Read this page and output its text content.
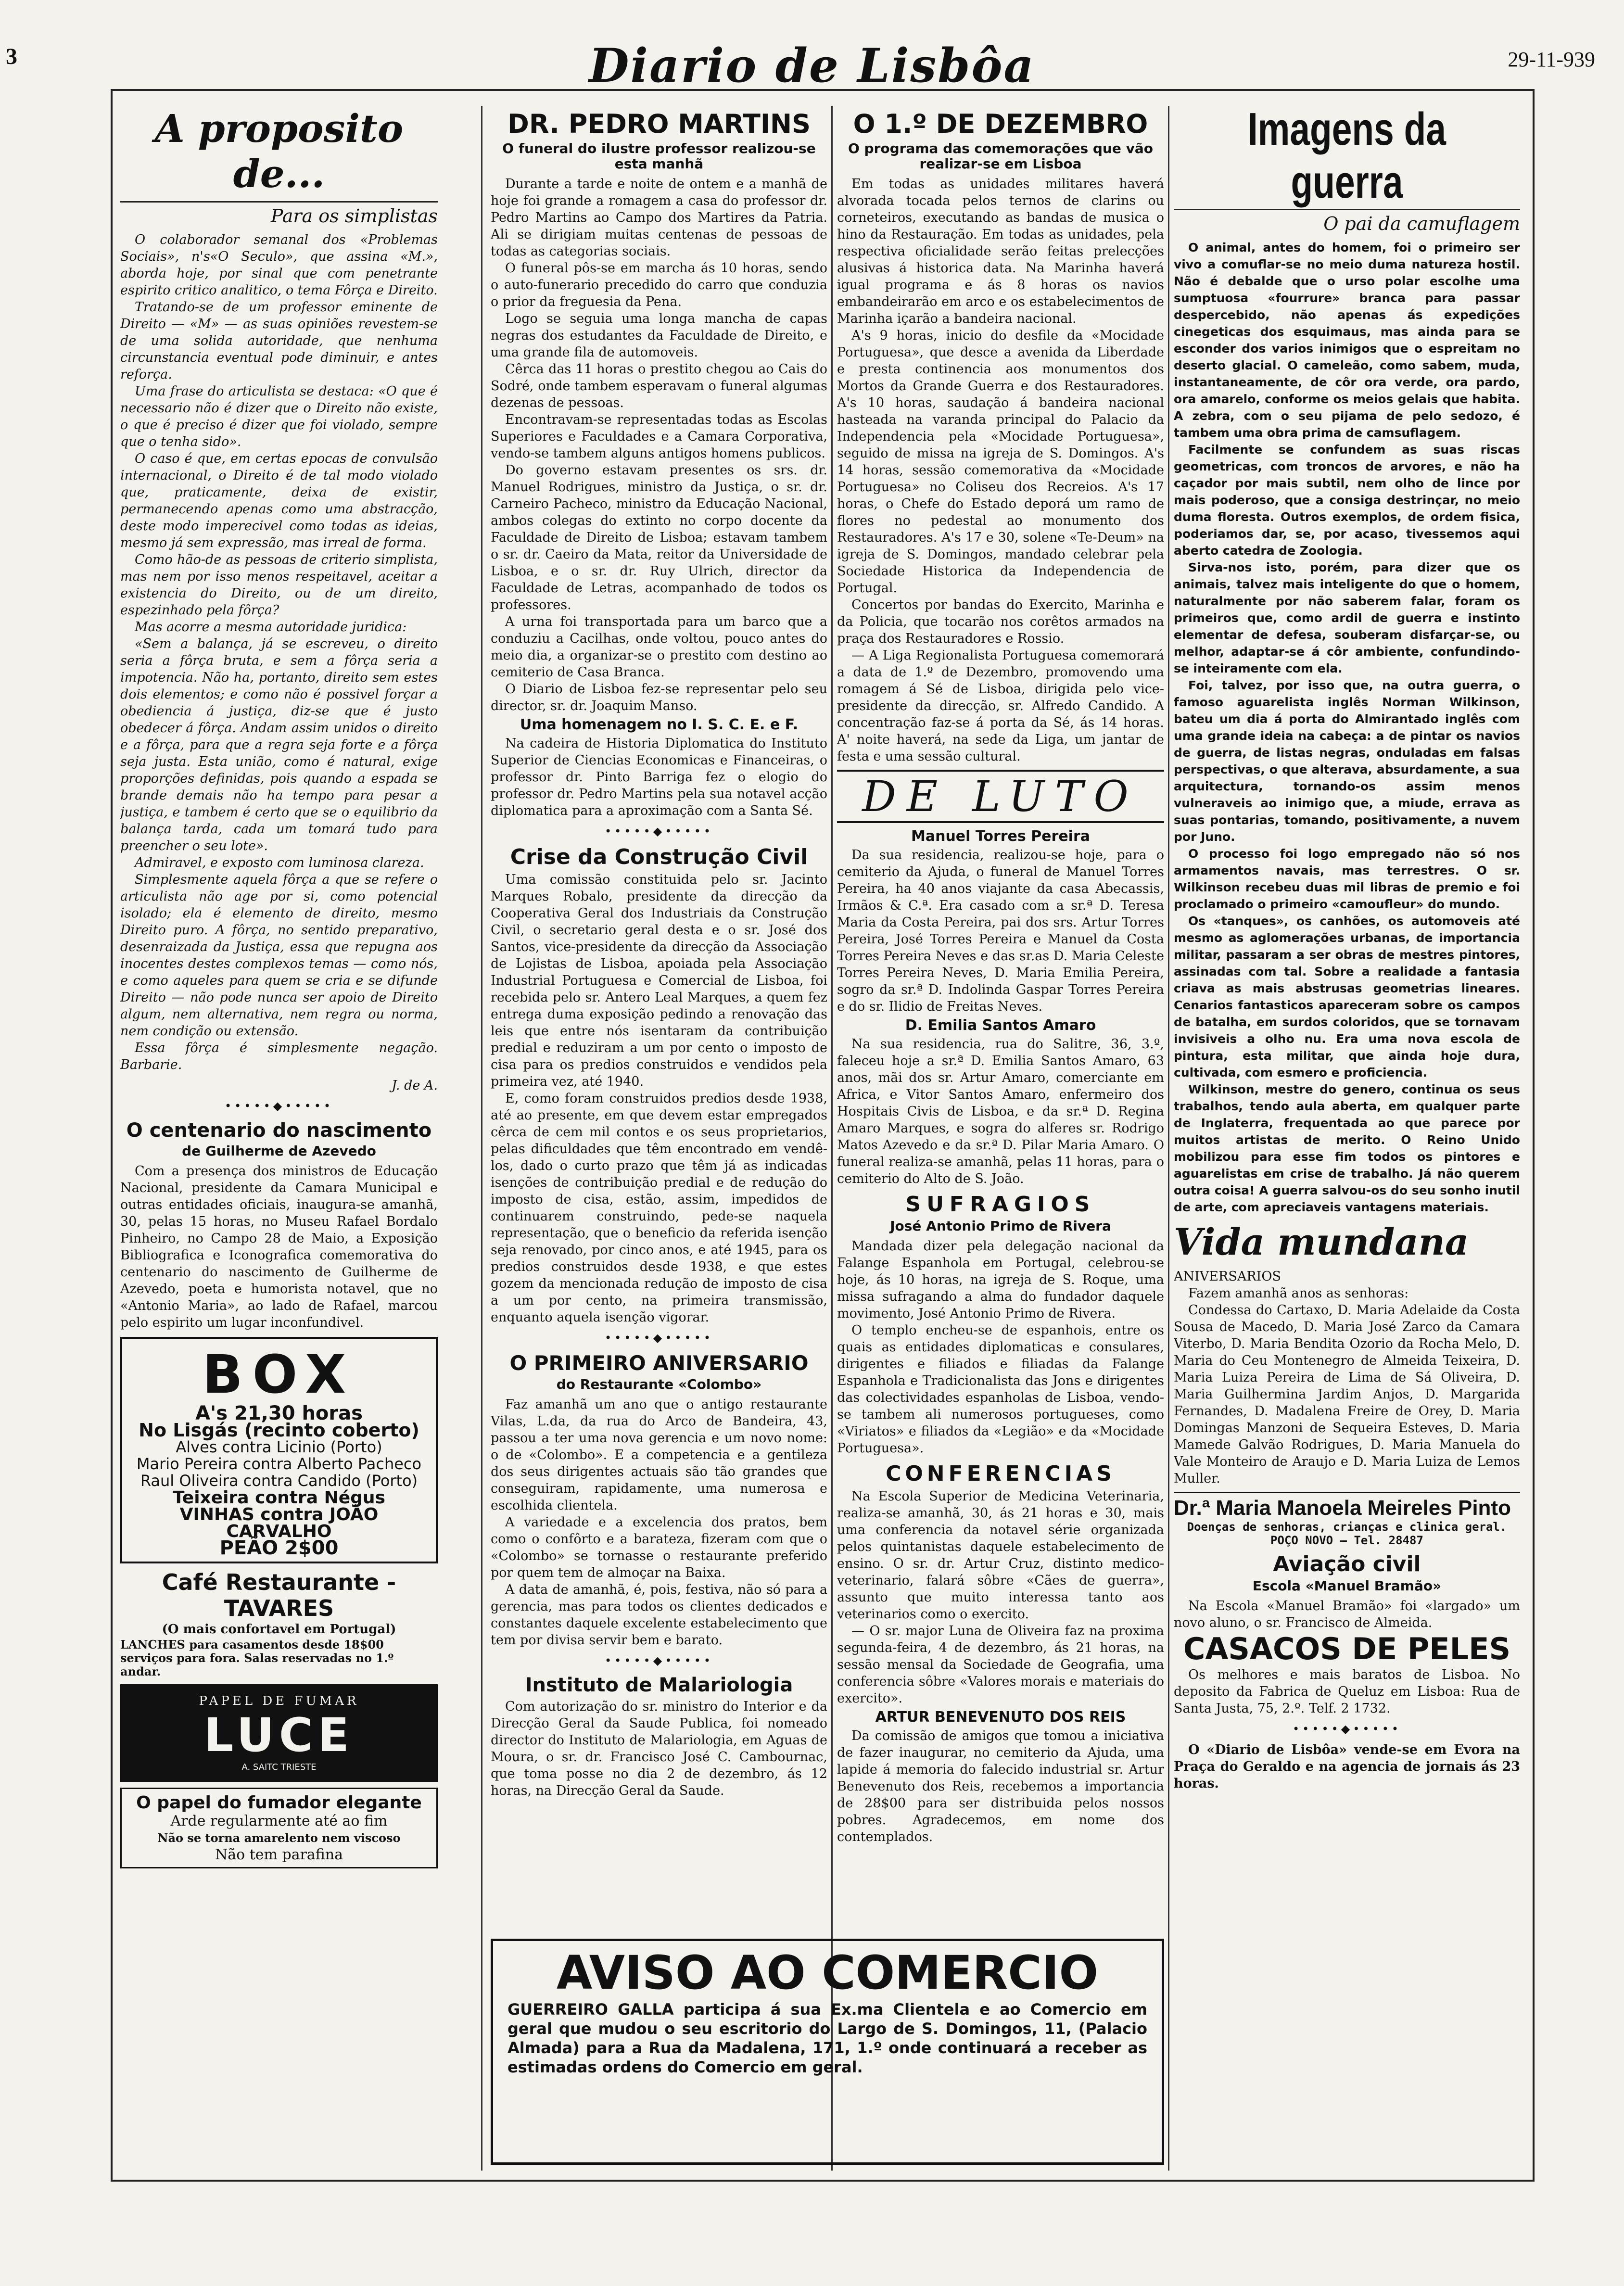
3	Diario de Lisbôa	29-11-939
A proposito de...
Para os simplistas

O colaborador semanal dos «Problemas Sociais», n's«O Seculo», que assina «M.», aborda hoje, por sinal que com penetrante espirito critico analitico, o tema Fôrça e Direito.

Tratando-se de um professor eminente de Direito — «M» — as suas opiniões revestem-se de uma solida autoridade, que nenhuma circunstancia eventual pode diminuir, e antes reforça.

Uma frase do articulista se destaca: «O que é necessario não é dizer que o Direito não existe, o que é preciso é dizer que foi violado, sempre que o tenha sido».

O caso é que, em certas epocas de convulsão internacional, o Direito é de tal modo violado que, praticamente, deixa de existir, permanecendo apenas como uma abstracção, deste modo imperecivel como todas as ideias, mesmo já sem expressão, mas irreal de forma.

Como hão-de as pessoas de criterio simplista, mas nem por isso menos respeitavel, aceitar a existencia do Direito, ou de um direito, espezinhado pela fôrça?

Mas acorre a mesma autoridade juridica:

«Sem a balança, já se escreveu, o direito seria a fôrça bruta, e sem a fôrça seria a impotencia. Não ha, portanto, direito sem estes dois elementos; e como não é possivel forçar a obediencia á justiça, diz-se que é justo obedecer á fôrça. Andam assim unidos o direito e a fôrça, para que a regra seja forte e a fôrça seja justa. Esta união, como é natural, exige proporções definidas, pois quando a espada se brande demais não ha tempo para pesar a justiça, e tambem é certo que se o equilibrio da balança tarda, cada um tomará tudo para preencher o seu lote».

Admiravel, e exposto com luminosa clareza.

Simplesmente aquela fôrça a que se refere o articulista não age por si, como potencial isolado; ela é elemento de direito, mesmo Direito puro. A fôrça, no sentido preparativo, desenraizada da Justiça, essa que repugna aos inocentes destes complexos temas — como nós, e como aqueles para quem se cria e se difunde Direito — não pode nunca ser apoio de Direito algum, nem alternativa, nem regra ou norma, nem condição ou extensão.

Essa fôrça é simplesmente negação. Barbarie.

J. de A.
•••••◆•••••
O centenario do nascimento
de Guilherme de Azevedo

Com a presença dos ministros de Educação Nacional, presidente da Camara Municipal e outras entidades oficiais, inaugura-se amanhã, 30, pelas 15 horas, no Museu Rafael Bordalo Pinheiro, no Campo 28 de Maio, a Exposição Bibliografica e Iconografica comemorativa do centenario do nascimento de Guilherme de Azevedo, poeta e humorista notavel, que no «Antonio Maria», ao lado de Rafael, marcou pelo espirito um lugar inconfundivel.

BOX
A's 21,30 horas
No Lisgás (recinto coberto)
Alves contra Licinio (Porto)
Mario Pereira contra Alberto Pacheco
Raul Oliveira contra Candido (Porto)
Teixeira contra Négus
VINHAS contra JOÃO CARVALHO
PEÃO 2$00
Café Restaurante - TAVARES
(O mais confortavel em Portugal)
LANCHES para casamentos desde 18$00 serviços para fora. Salas reservadas no 1.º andar.
PAPEL DE FUMAR
LUCE
A. SAITC TRIESTE
O papel do fumador elegante
Arde regularmente até ao fim
Não se torna amarelento nem viscoso
Não tem parafina
DR. PEDRO MARTINS
O funeral do ilustre professor realizou-se esta manhã

Durante a tarde e noite de ontem e a manhã de hoje foi grande a romagem a casa do professor dr. Pedro Martins ao Campo dos Martires da Patria. Ali se dirigiam muitas centenas de pessoas de todas as categorias sociais.

O funeral pôs-se em marcha ás 10 horas, sendo o auto-funerario precedido do carro que conduzia o prior da freguesia da Pena.

Logo se seguia uma longa mancha de capas negras dos estudantes da Faculdade de Direito, e uma grande fila de automoveis.

Cêrca das 11 horas o prestito chegou ao Cais do Sodré, onde tambem esperavam o funeral algumas dezenas de pessoas.

Encontravam-se representadas todas as Escolas Superiores e Faculdades e a Camara Corporativa, vendo-se tambem alguns antigos homens publicos.

Do governo estavam presentes os srs. dr. Manuel Rodrigues, ministro da Justiça, o sr. dr. Carneiro Pacheco, ministro da Educação Nacional, ambos colegas do extinto no corpo docente da Faculdade de Direito de Lisboa; estavam tambem o sr. dr. Caeiro da Mata, reitor da Universidade de Lisboa, e o sr. dr. Ruy Ulrich, director da Faculdade de Letras, acompanhado de todos os professores.

A urna foi transportada para um barco que a conduziu a Cacilhas, onde voltou, pouco antes do meio dia, a organizar-se o prestito com destino ao cemiterio de Casa Branca.

O Diario de Lisboa fez-se representar pelo seu director, sr. dr. Joaquim Manso.

Uma homenagem no I. S. C. E. e F.

Na cadeira de Historia Diplomatica do Instituto Superior de Ciencias Economicas e Financeiras, o professor dr. Pinto Barriga fez o elogio do professor dr. Pedro Martins pela sua notavel acção diplomatica para a aproximação com a Santa Sé.

•••••◆•••••
Crise da Construção Civil

Uma comissão constituida pelo sr. Jacinto Marques Robalo, presidente da direcção da Cooperativa Geral dos Industriais da Construção Civil, o secretario geral desta e o sr. José dos Santos, vice-presidente da direcção da Associação de Lojistas de Lisboa, apoiada pela Associação Industrial Portuguesa e Comercial de Lisboa, foi recebida pelo sr. Antero Leal Marques, a quem fez entrega duma exposição pedindo a renovação das leis que entre nós isentaram da contribuição predial e reduziram a um por cento o imposto de cisa para os predios construidos e vendidos pela primeira vez, até 1940.

E, como foram construidos predios desde 1938, até ao presente, em que devem estar empregados cêrca de cem mil contos e os seus proprietarios, pelas dificuldades que têm encontrado em vendê-los, dado o curto prazo que têm já as indicadas isenções de contribuição predial e de redução do imposto de cisa, estão, assim, impedidos de continuarem construindo, pede-se naquela representação, que o beneficio da referida isenção seja renovado, por cinco anos, e até 1945, para os predios construidos desde 1938, e que estes gozem da mencionada redução de imposto de cisa a um por cento, na primeira transmissão, enquanto aquela isenção vigorar.

•••••◆•••••
O PRIMEIRO ANIVERSARIO
do Restaurante «Colombo»

Faz amanhã um ano que o antigo restaurante Vilas, L.da, da rua do Arco de Bandeira, 43, passou a ter uma nova gerencia e um novo nome: o de «Colombo». E a competencia e a gentileza dos seus dirigentes actuais são tão grandes que conseguiram, rapidamente, uma numerosa e escolhida clientela.

A variedade e a excelencia dos pratos, bem como o confôrto e a barateza, fizeram com que o «Colombo» se tornasse o restaurante preferido por quem tem de almoçar na Baixa.

A data de amanhã, é, pois, festiva, não só para a gerencia, mas para todos os clientes dedicados e constantes daquele excelente estabelecimento que tem por divisa servir bem e barato.

•••••◆•••••
Instituto de Malariologia

Com autorização do sr. ministro do Interior e da Direcção Geral da Saude Publica, foi nomeado director do Instituto de Malariologia, em Aguas de Moura, o sr. dr. Francisco José C. Cambournac, que toma posse no dia 2 de dezembro, ás 12 horas, na Direcção Geral da Saude.

O 1.º DE DEZEMBRO
O programa das comemorações que vão realizar-se em Lisboa

Em todas as unidades militares haverá alvorada tocada pelos ternos de clarins ou corneteiros, executando as bandas de musica o hino da Restauração. Em todas as unidades, pela respectiva oficialidade serão feitas prelecções alusivas á historica data. Na Marinha haverá igual programa e ás 8 horas os navios embandeirarão em arco e os estabelecimentos de Marinha içarão a bandeira nacional.

A's 9 horas, inicio do desfile da «Mocidade Portuguesa», que desce a avenida da Liberdade e presta continencia aos monumentos dos Mortos da Grande Guerra e dos Restauradores. A's 10 horas, saudação á bandeira nacional hasteada na varanda principal do Palacio da Independencia pela «Mocidade Portuguesa», seguido de missa na igreja de S. Domingos. A's 14 horas, sessão comemorativa da «Mocidade Portuguesa» no Coliseu dos Recreios. A's 17 horas, o Chefe do Estado deporá um ramo de flores no pedestal ao monumento dos Restauradores. A's 17 e 30, solene «Te-Deum» na igreja de S. Domingos, mandado celebrar pela Sociedade Historica da Independencia de Portugal.

Concertos por bandas do Exercito, Marinha e da Policia, que tocarão nos corêtos armados na praça dos Restauradores e Rossio.

— A Liga Regionalista Portuguesa comemorará a data de 1.º de Dezembro, promovendo uma romagem á Sé de Lisboa, dirigida pelo vice-presidente da direcção, sr. Alfredo Candido. A concentração faz-se á porta da Sé, ás 14 horas. A' noite haverá, na sede da Liga, um jantar de festa e uma sessão cultural.

DE LUTO
Manuel Torres Pereira

Da sua residencia, realizou-se hoje, para o cemiterio da Ajuda, o funeral de Manuel Torres Pereira, ha 40 anos viajante da casa Abecassis, Irmãos & C.ª. Era casado com a sr.ª D. Teresa Maria da Costa Pereira, pai dos srs. Artur Torres Pereira, José Torres Pereira e Manuel da Costa Torres Pereira Neves e das sr.as D. Maria Celeste Torres Pereira Neves, D. Maria Emilia Pereira, sogro da sr.ª D. Indolinda Gaspar Torres Pereira e do sr. Ilidio de Freitas Neves.

D. Emilia Santos Amaro

Na sua residencia, rua do Salitre, 36, 3.º, faleceu hoje a sr.ª D. Emilia Santos Amaro, 63 anos, mãi dos sr. Artur Amaro, comerciante em Africa, e Vitor Santos Amaro, enfermeiro dos Hospitais Civis de Lisboa, e da sr.ª D. Regina Amaro Marques, e sogra do alferes sr. Rodrigo Matos Azevedo e da sr.ª D. Pilar Maria Amaro. O funeral realiza-se amanhã, pelas 11 horas, para o cemiterio do Alto de S. João.

SUFRAGIOS
José Antonio Primo de Rivera

Mandada dizer pela delegação nacional da Falange Espanhola em Portugal, celebrou-se hoje, ás 10 horas, na igreja de S. Roque, uma missa sufragando a alma do fundador daquele movimento, José Antonio Primo de Rivera.

O templo encheu-se de espanhois, entre os quais as entidades diplomaticas e consulares, dirigentes e filiados e filiadas da Falange Espanhola e Tradicionalista das Jons e dirigentes das colectividades espanholas de Lisboa, vendo-se tambem ali numerosos portugueses, como «Viriatos» e filiados da «Legião» e da «Mocidade Portuguesa».

CONFERENCIAS

Na Escola Superior de Medicina Veterinaria, realiza-se amanhã, 30, ás 21 horas e 30, mais uma conferencia da notavel série organizada pelos quintanistas daquele estabelecimento de ensino. O sr. dr. Artur Cruz, distinto medico-veterinario, falará sôbre «Cães de guerra», assunto que muito interessa tanto aos veterinarios como o exercito.

— O sr. major Luna de Oliveira faz na proxima segunda-feira, 4 de dezembro, ás 21 horas, na sessão mensal da Sociedade de Geografia, uma conferencia sôbre «Valores morais e materiais do exercito».

ARTUR BENEVENUTO DOS REIS

Da comissão de amigos que tomou a iniciativa de fazer inaugurar, no cemiterio da Ajuda, uma lapide á memoria do falecido industrial sr. Artur Benevenuto dos Reis, recebemos a importancia de 28$00 para ser distribuida pelos nossos pobres. Agradecemos, em nome dos contemplados.

Imagens da guerra
O pai da camuflagem

O animal, antes do homem, foi o primeiro ser vivo a comuflar-se no meio duma natureza hostil. Não é debalde que o urso polar escolhe uma sumptuosa «fourrure» branca para passar despercebido, não apenas ás expedições cinegeticas dos esquimaus, mas ainda para se esconder dos varios inimigos que o espreitam no deserto glacial. O cameleão, como sabem, muda, instantaneamente, de côr ora verde, ora pardo, ora amarelo, conforme os meios gelais que habita. A zebra, com o seu pijama de pelo sedozo, é tambem uma obra prima de camsuflagem.

Facilmente se confundem as suas riscas geometricas, com troncos de arvores, e não ha caçador por mais subtil, nem olho de lince por mais poderoso, que a consiga destrinçar, no meio duma floresta. Outros exemplos, de ordem fisica, poderiamos dar, se, por acaso, tivessemos aqui aberto catedra de Zoologia.

Sirva-nos isto, porém, para dizer que os animais, talvez mais inteligente do que o homem, naturalmente por não saberem falar, foram os primeiros que, como ardil de guerra e instinto elementar de defesa, souberam disfarçar-se, ou melhor, adaptar-se á côr ambiente, confundindo-se inteiramente com ela.

Foi, talvez, por isso que, na outra guerra, o famoso aguarelista inglês Norman Wilkinson, bateu um dia á porta do Almirantado inglês com uma grande ideia na cabeça: a de pintar os navios de guerra, de listas negras, onduladas em falsas perspectivas, o que alterava, absurdamente, a sua arquitectura, tornando-os assim menos vulneraveis ao inimigo que, a miude, errava as suas pontarias, tomando, positivamente, a nuvem por Juno.

O processo foi logo empregado não só nos armamentos navais, mas terrestres. O sr. Wilkinson recebeu duas mil libras de premio e foi proclamado o primeiro «camoufleur» do mundo.

Os «tanques», os canhões, os automoveis até mesmo as aglomerações urbanas, de importancia militar, passaram a ser obras de mestres pintores, assinadas com tal. Sobre a realidade a fantasia criava as mais abstrusas geometrias lineares. Cenarios fantasticos apareceram sobre os campos de batalha, em surdos coloridos, que se tornavam invisiveis a olho nu. Era uma nova escola de pintura, esta militar, que ainda hoje dura, cultivada, com esmero e proficiencia.

Wilkinson, mestre do genero, continua os seus trabalhos, tendo aula aberta, em qualquer parte de Inglaterra, frequentada ao que parece por muitos artistas de merito. O Reino Unido mobilizou para esse fim todos os pintores e aguarelistas em crise de trabalho. Já não querem outra coisa! A guerra salvou-os do seu sonho inutil de arte, com apreciaveis vantagens materiais.

Vida mundana
ANIVERSARIOS

Fazem amanhã anos as senhoras:

Condessa do Cartaxo, D. Maria Adelaide da Costa Sousa de Macedo, D. Maria José Zarco da Camara Viterbo, D. Maria Bendita Ozorio da Rocha Melo, D. Maria do Ceu Montenegro de Almeida Teixeira, D. Maria Luiza Pereira de Lima de Sá Oliveira, D. Maria Guilhermina Jardim Anjos, D. Margarida Fernandes, D. Madalena Freire de Orey, D. Maria Domingas Manzoni de Sequeira Esteves, D. Maria Mamede Galvão Rodrigues, D. Maria Manuela do Vale Monteiro de Araujo e D. Maria Luiza de Lemos Muller.

Dr.ª Maria Manoela Meireles Pinto
Doenças de senhoras, crianças e clinica geral.
POÇO NOVO — Tel. 28487
Aviação civil
Escola «Manuel Bramão»

Na Escola «Manuel Bramão» foi «largado» um novo aluno, o sr. Francisco de Almeida.

CASACOS DE PELES

Os melhores e mais baratos de Lisboa. No deposito da Fabrica de Queluz em Lisboa: Rua de Santa Justa, 75, 2.º. Telf. 2 1732.

•••••◆•••••

O «Diario de Lisbôa» vende-se em Evora na Praça do Geraldo e na agencia de jornais ás 23 horas.

AVISO AO COMERCIO
GUERREIRO GALLA participa á sua Ex.ma Clientela e ao Comercio em geral que mudou o seu escritorio do Largo de S. Domingos, 11, (Palacio Almada) para a Rua da Madalena, 171, 1.º onde continuará a receber as estimadas ordens do Comercio em geral.
